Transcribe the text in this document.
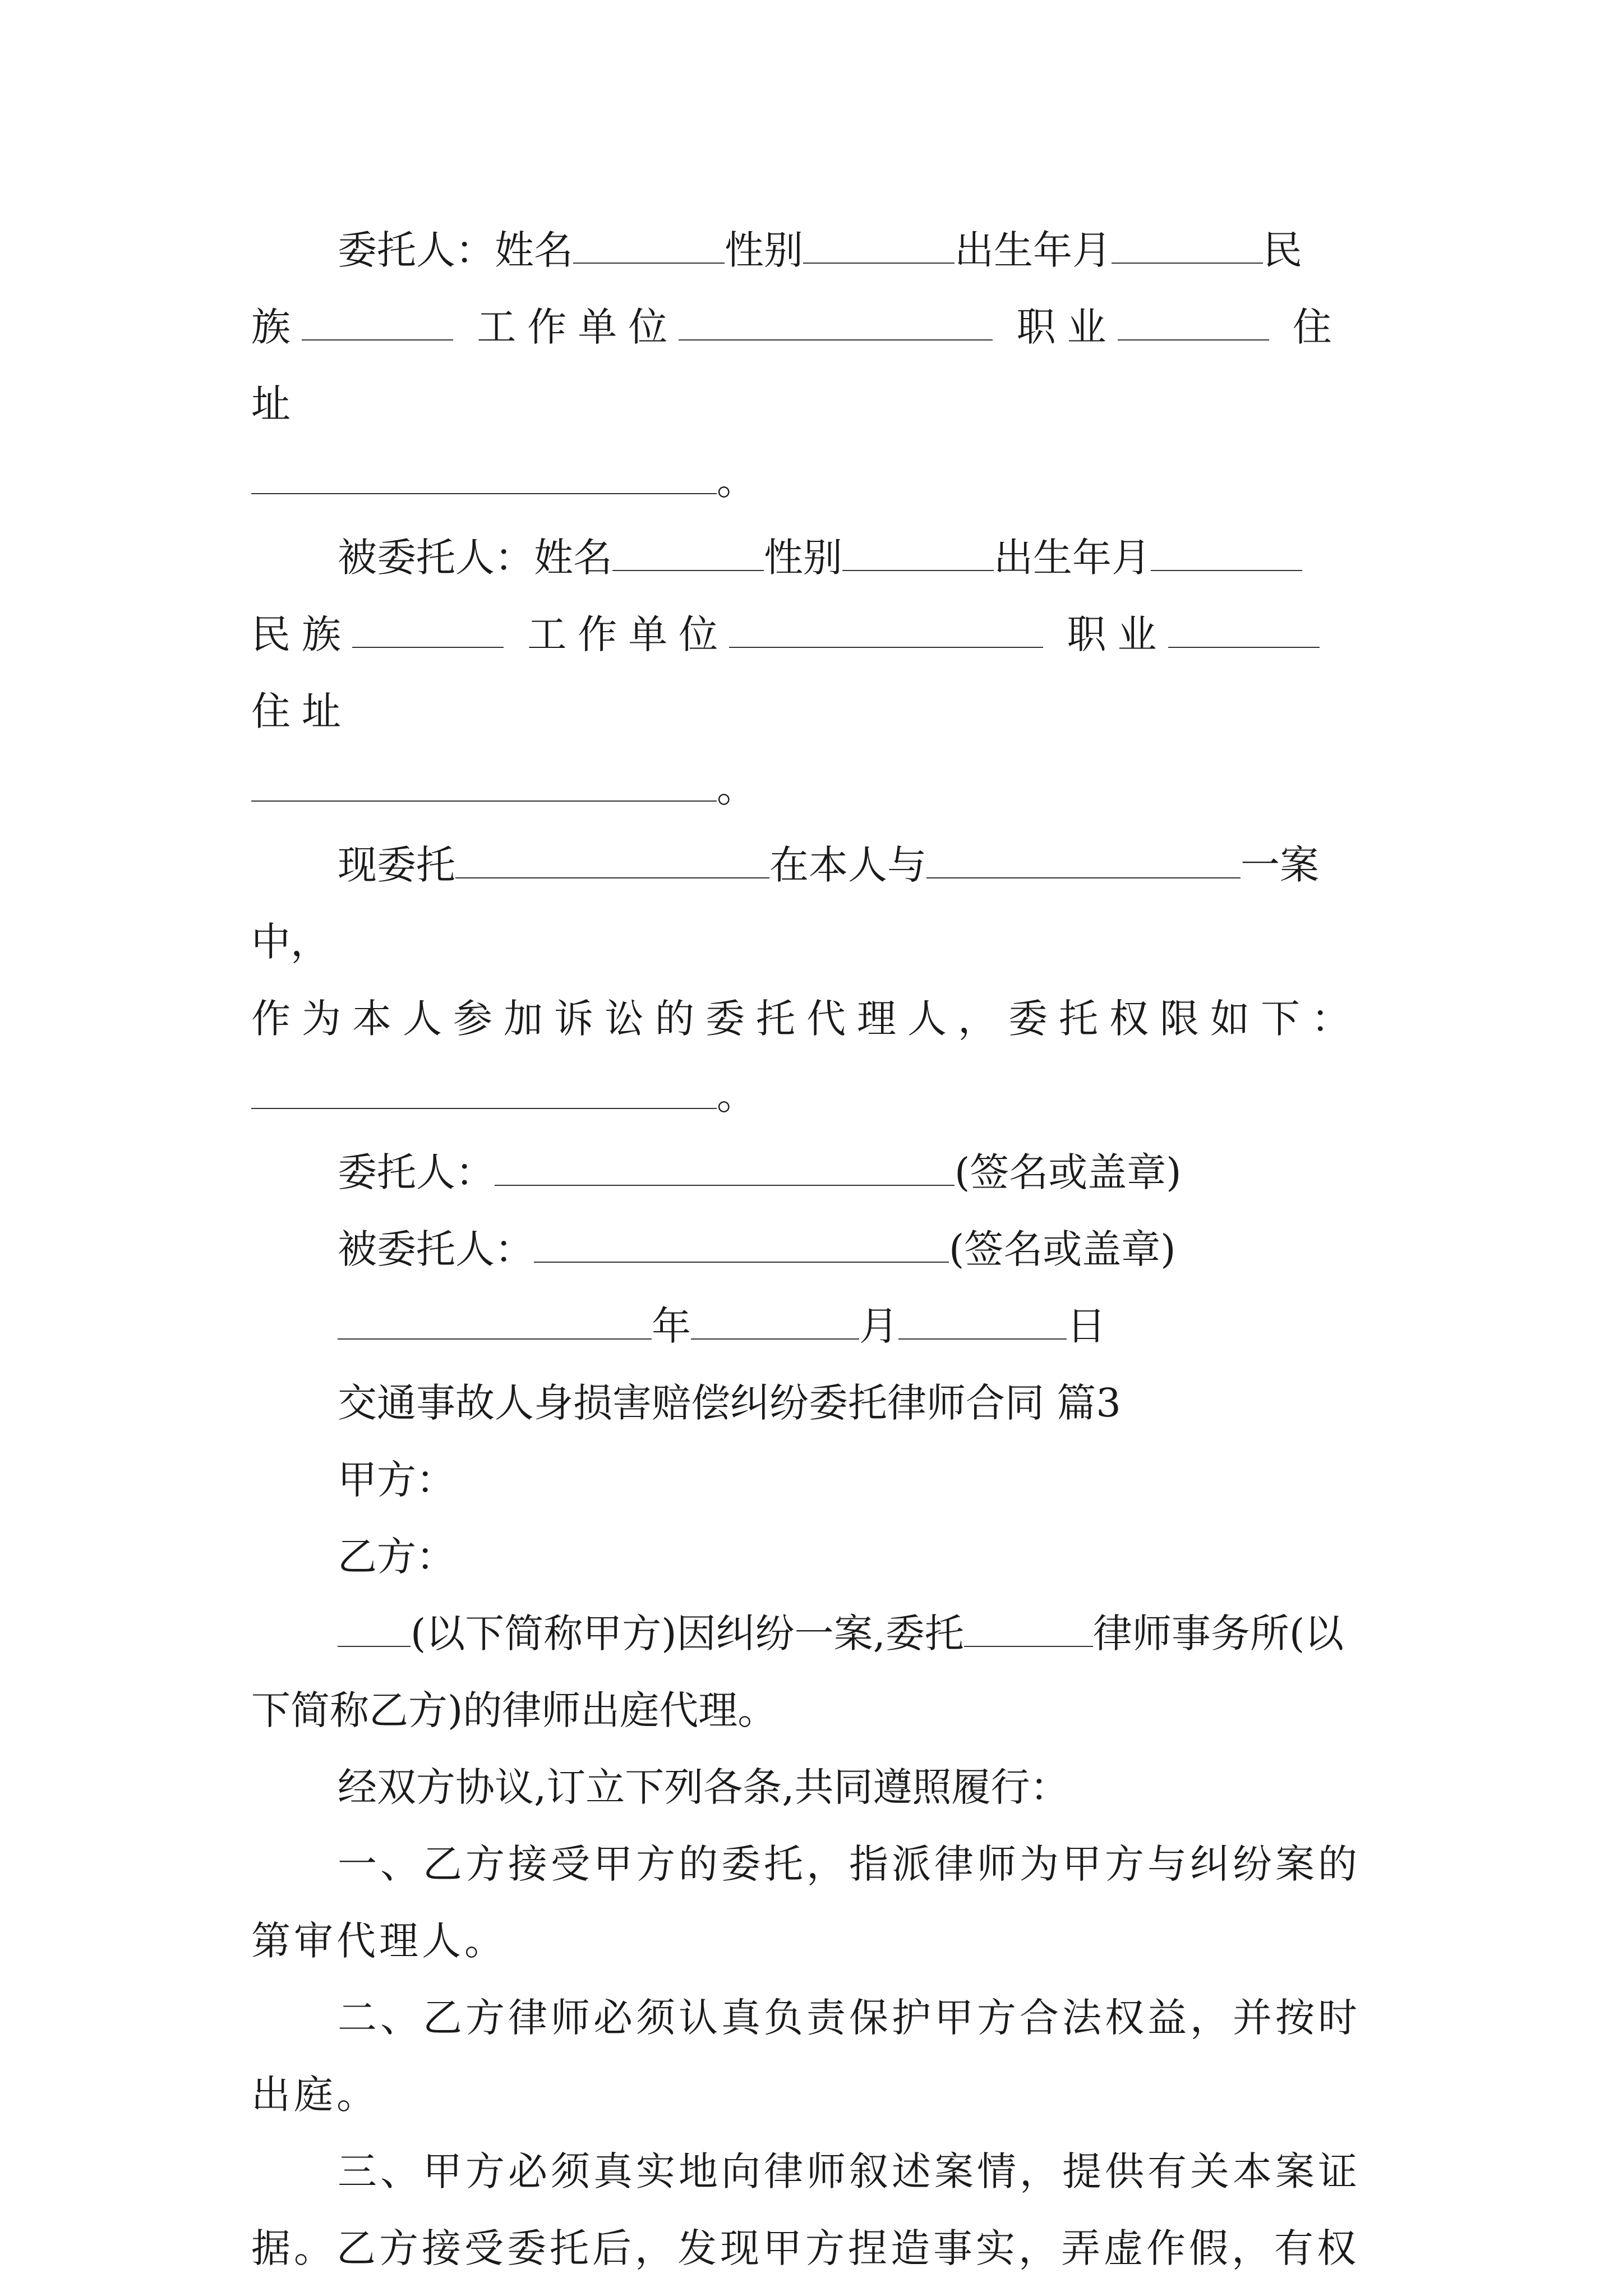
委托人：姓名	性别	出生年月	民

族	工作单位	职业	住址

。

被委托人：姓名	性别	出生年月

民族	工作单位	职业 住址

。

现委托	在本人与	一案中，

作为本人参加诉讼的委托代理人，委托权限如下：

。

委托人：	(签名或盖章)

被委托人：	(签名或盖章)

年	月	日

交通事故人身损害赔偿纠纷委托律师合同 篇3

甲方：

乙方：

(以下简称甲方)因纠纷一案,委托	律师事务所(以下简称乙方)的律师出庭代理。

经双方协议,订立下列各条,共同遵照履行：

一、乙方接受甲方的委托，指派律师为甲方与纠纷案的第审代理人。

二、乙方律师必须认真负责保护甲方合法权益，并按时出庭。

三、甲方必须真实地向律师叙述案情，提供有关本案证据。乙方接受委托后，发现甲方捏造事实，弄虚作假，有权
